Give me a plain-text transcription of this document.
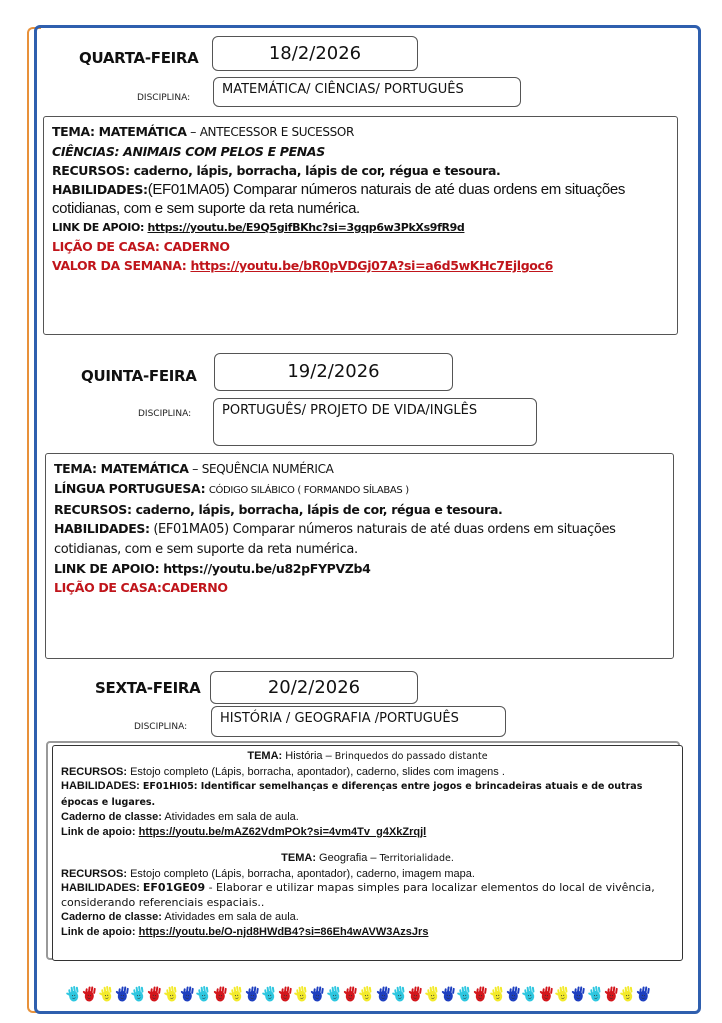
QUARTA-FEIRA	18/2/2026
DISCIPLINA:
MATEMÁTICA/ CIÊNCIAS/ PORTUGUÊS
TEMA: MATEMÁTICA – ANTECESSOR E SUCESSOR
CIÊNCIAS: ANIMAIS COM PELOS E PENAS
RECURSOS: caderno, lápis, borracha, lápis de cor, régua e tesoura.
HABILIDADES:(EF01MA05) Comparar números naturais de até duas ordens em situações cotidianas, com e sem suporte da reta numérica.
LINK DE APOIO: https://youtu.be/E9Q5gifBKhc?si=3gqp6w3PkXs9fR9d
LIÇÃO DE CASA: CADERNO
VALOR DA SEMANA: https://youtu.be/bR0pVDGj07A?si=a6d5wKHc7Ejlgoc6
QUINTA-FEIRA	19/2/2026
DISCIPLINA:	PORTUGUÊS/ PROJETO DE VIDA/INGLÊS
TEMA: MATEMÁTICA – SEQUÊNCIA NUMÉRICA
LÍNGUA PORTUGUESA: CÓDIGO SILÁBICO ( FORMANDO SÍLABAS )
RECURSOS: caderno, lápis, borracha, lápis de cor, régua e tesoura.
HABILIDADES: (EF01MA05) Comparar números naturais de até duas ordens em situações cotidianas, com e sem suporte da reta numérica.
LINK DE APOIO: https://youtu.be/u82pFYPVZb4
LIÇÃO DE CASA:CADERNO
SEXTA-FEIRA	20/2/2026
DISCIPLINA:
HISTÓRIA / GEOGRAFIA /PORTUGUÊS
TEMA: História – Brinquedos do passado distante
RECURSOS: Estojo completo (Lápis, borracha, apontador), caderno, slides com imagens .
HABILIDADES: EF01HI05: Identificar semelhanças e diferenças entre jogos e brincadeiras atuais e de outras épocas e lugares.
Caderno de classe: Atividades em sala de aula.
Link de apoio: https://youtu.be/mAZ62VdmPOk?si=4vm4Tv_g4XkZrqjl
TEMA: Geografia – Territorialidade.
RECURSOS: Estojo completo (Lápis, borracha, apontador), caderno, imagem mapa.
HABILIDADES: EF01GE09 - Elaborar e utilizar mapas simples para localizar elementos do local de vivência, considerando referenciais espaciais..
Caderno de classe: Atividades em sala de aula.
Link de apoio: https://youtu.be/O-njd8HWdB4?si=86Eh4wAVW3AzsJrs
